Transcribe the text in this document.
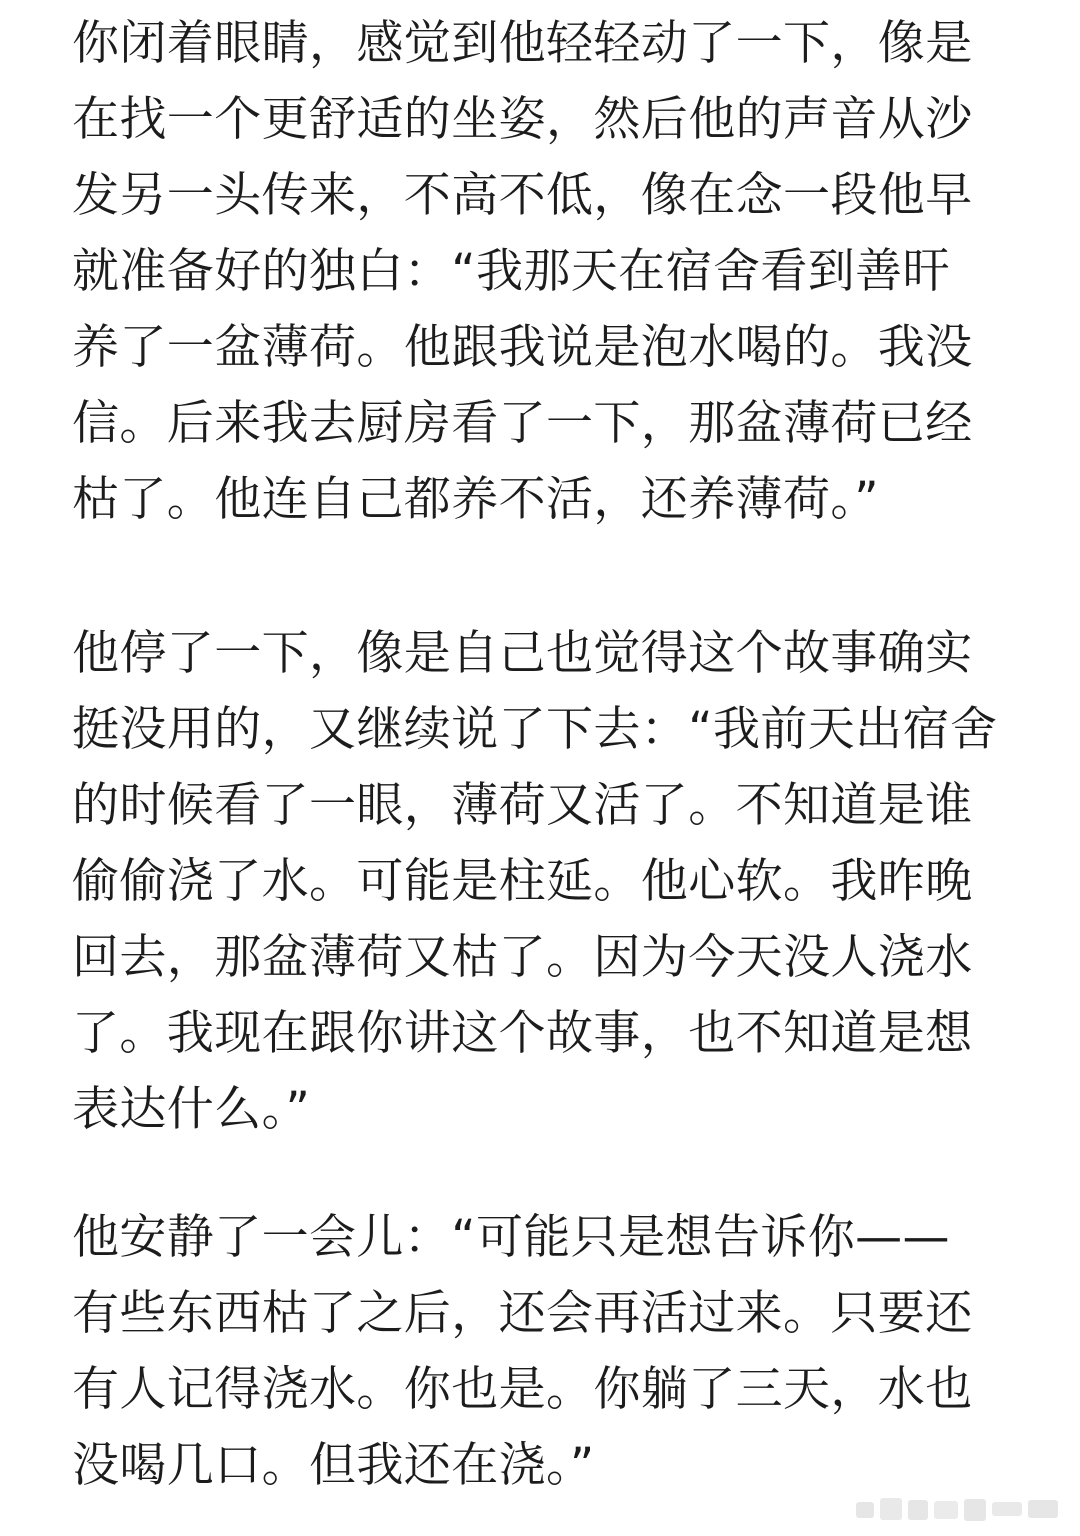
你闭着眼睛，感觉到他轻轻动了一下，像是
在找一个更舒适的坐姿，然后他的声音从沙
发另一头传来，不高不低，像在念一段他早
就准备好的独白：“我那天在宿舍看到善旰
养了一盆薄荷。他跟我说是泡水喝的。我没
信。后来我去厨房看了一下，那盆薄荷已经
枯了。他连自己都养不活，还养薄荷。”
他停了一下，像是自己也觉得这个故事确实
挺没用的，又继续说了下去：“我前天出宿舍
的时候看了一眼，薄荷又活了。不知道是谁
偷偷浇了水。可能是柱延。他心软。我昨晚
回去，那盆薄荷又枯了。因为今天没人浇水
了。我现在跟你讲这个故事，也不知道是想
表达什么。”
他安静了一会儿：“可能只是想告诉你——
有些东西枯了之后，还会再活过来。只要还
有人记得浇水。你也是。你躺了三天，水也
没喝几口。但我还在浇。”
